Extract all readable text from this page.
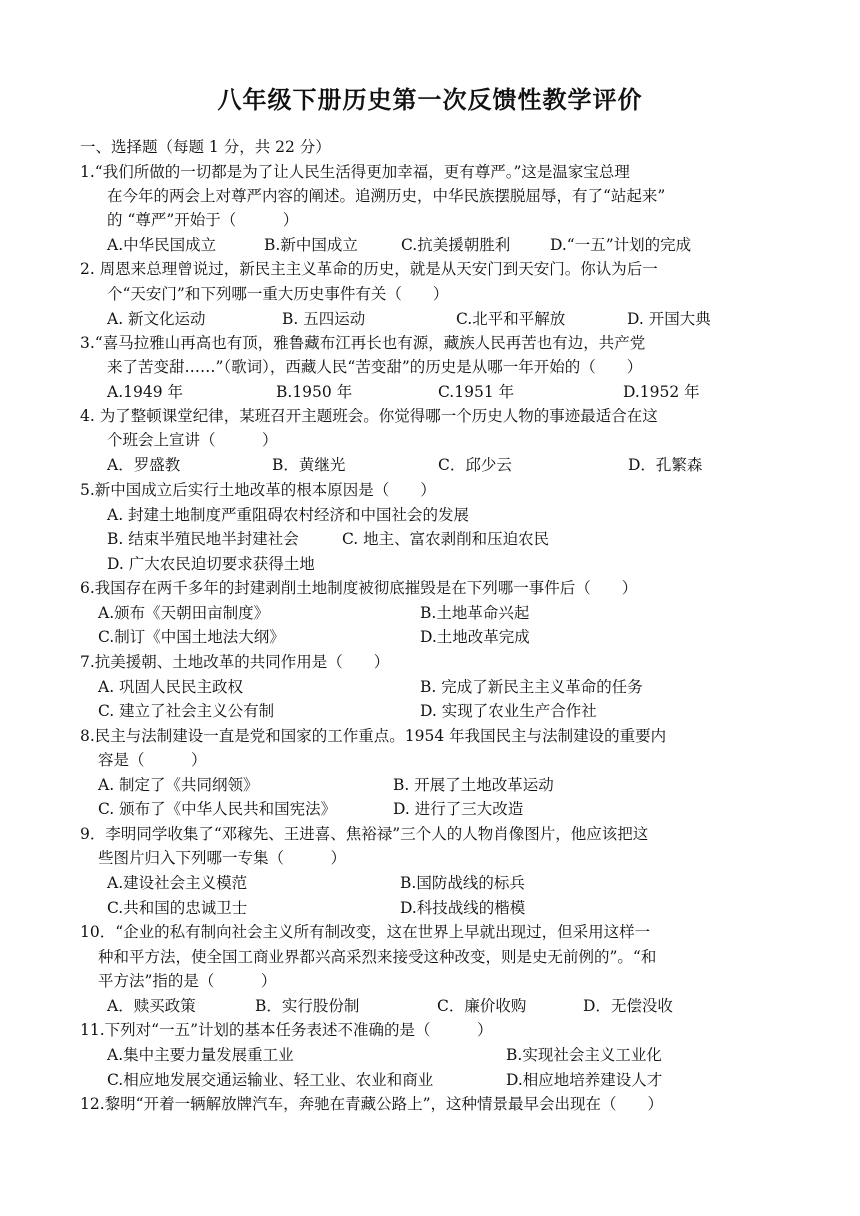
八年级下册历史第一次反馈性教学评价
一、选择题（每题 1 分，共 22 分）
1.“我们所做的一切都是为了让人民生活得更加幸福，更有尊严。”这是温家宝总理
在今年的两会上对尊严内容的阐述。追溯历史，中华民族摆脱屈辱，有了“站起来”
的 “尊严”开始于（　　　）
A.中华民国成立	B.新中国成立	C.抗美援朝胜利	D.“一五”计划的完成
2. 周恩来总理曾说过，新民主主义革命的历史，就是从天安门到天安门。你认为后一
个“天安门”和下列哪一重大历史事件有关（　　）
A. 新文化运动	B. 五四运动	C.北平和平解放	D. 开国大典
3.“喜马拉雅山再高也有顶，雅鲁藏布江再长也有源，藏族人民再苦也有边，共产党
来了苦变甜……”（歌词），西藏人民“苦变甜”的历史是从哪一年开始的（　　）
A.1949 年	B.1950 年	C.1951 年	D.1952 年
4. 为了整顿课堂纪律，某班召开主题班会。你觉得哪一个历史人物的事迹最适合在这
个班会上宣讲（　　　）
A．罗盛教	B．黄继光	C．邱少云	D．孔繁森
5.新中国成立后实行土地改革的根本原因是（　　）
A. 封建土地制度严重阻碍农村经济和中国社会的发展
B. 结束半殖民地半封建社会	C. 地主、富农剥削和压迫农民
D. 广大农民迫切要求获得土地
6.我国存在两千多年的封建剥削土地制度被彻底摧毁是在下列哪一事件后（　　）
A.颁布《天朝田亩制度》	B.土地革命兴起
C.制订《中国土地法大纲》	D.土地改革完成
7.抗美援朝、土地改革的共同作用是（　　）
A. 巩固人民民主政权	B. 完成了新民主主义革命的任务
C. 建立了社会主义公有制	D. 实现了农业生产合作社
8.民主与法制建设一直是党和国家的工作重点。1954 年我国民主与法制建设的重要内
容是（　　　）
A. 制定了《共同纲领》	B. 开展了土地改革运动
C. 颁布了《中华人民共和国宪法》	D. 进行了三大改造
9．李明同学收集了“邓稼先、王进喜、焦裕禄”三个人的人物肖像图片，他应该把这
些图片归入下列哪一专集（　　　）
A.建设社会主义模范	B.国防战线的标兵
C.共和国的忠诚卫士	D.科技战线的楷模
10．“企业的私有制向社会主义所有制改变，这在世界上早就出现过，但采用这样一
种和平方法，使全国工商业界都兴高采烈来接受这种改变，则是史无前例的”。“和
平方法”指的是（　　　）
A．赎买政策	B．实行股份制	C．廉价收购	D．无偿没收
11.下列对“一五”计划的基本任务表述不准确的是（　　　）
A.集中主要力量发展重工业	B.实现社会主义工业化
C.相应地发展交通运输业、轻工业、农业和商业	D.相应地培养建设人才
12.黎明“开着一辆解放牌汽车，奔驰在青藏公路上”，这种情景最早会出现在（　　）
